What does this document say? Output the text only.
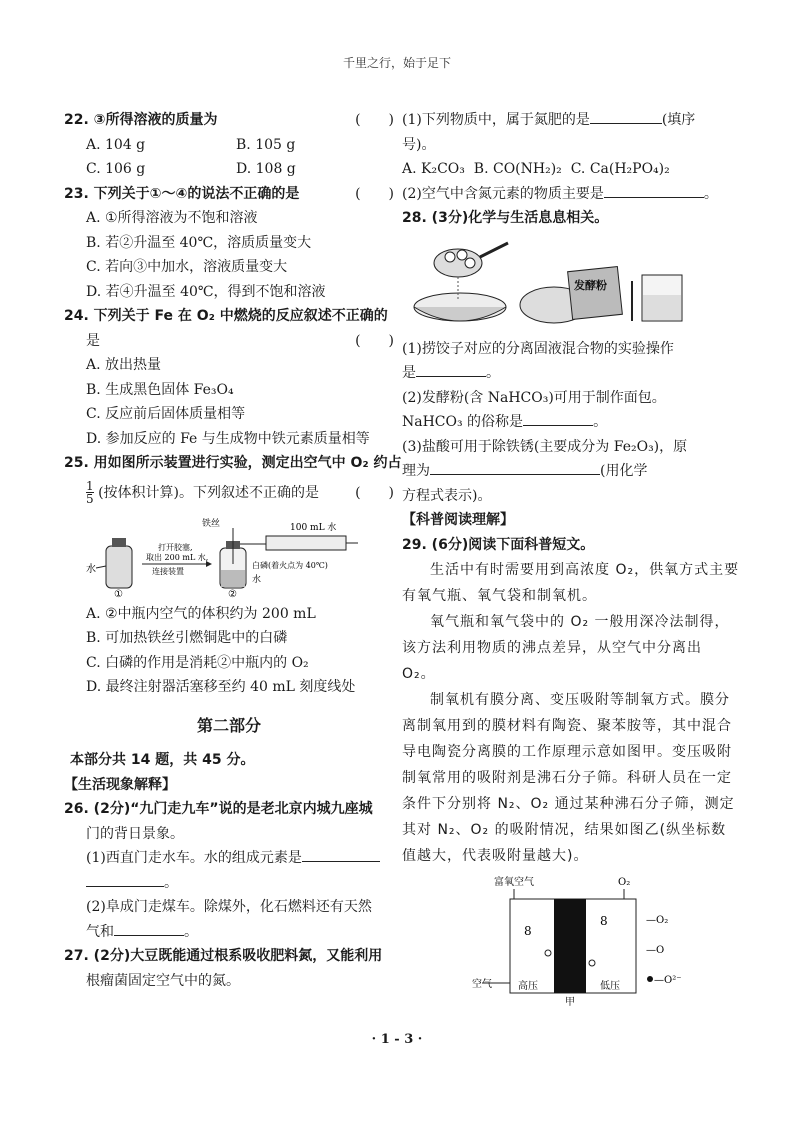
千里之行，始于足下
22. ③所得溶液的质量为	(　　)
A. 104 g	B. 105 g
C. 106 g	D. 108 g
23. 下列关于①～④的说法不正确的是	(　　)
A. ①所得溶液为不饱和溶液
B. 若②升温至 40℃，溶质质量变大
C. 若向③中加水，溶液质量变大
D. 若④升温至 40℃，得到不饱和溶液
24. 下列关于 Fe 在 O₂ 中燃烧的反应叙述不正确的
是	(　　)
A. 放出热量
B. 生成黑色固体 Fe₃O₄
C. 反应前后固体质量相等
D. 参加反应的 Fe 与生成物中铁元素质量相等
25. 用如图所示装置进行实验，测定出空气中 O₂ 约占
$\frac{1}{5}$ (按体积计算)。下列叙述不正确的是	(　　)
水
①
打开胶塞,
取出 200 mL 水,
连接装置
铁丝	100 mL 水
白磷(着火点为 40℃)
水
②
A. ②中瓶内空气的体积约为 200 mL
B. 可加热铁丝引燃铜匙中的白磷
C. 白磷的作用是消耗②中瓶内的 O₂
D. 最终注射器活塞移至约 40 mL 刻度线处
第二部分
本部分共 14 题，共 45 分。
【生活现象解释】
26. (2分)“九门走九车”说的是老北京内城九座城
门的背日景象。
(1)西直门走水车。水的组成元素是
。
(2)阜成门走煤车。除煤外，化石燃料还有天然
气和	。
27. (2分)大豆既能通过根系吸收肥料氮，又能利用
根瘤菌固定空气中的氮。
(1)下列物质中，属于氮肥的是	(填序
号)。
A. K₂CO₃ B. CO(NH₂)₂ C. Ca(H₂PO₄)₂
(2)空气中含氮元素的物质主要是	。
28. (3分)化学与生活息息相关。
发酵粉
(1)捞饺子对应的分离固液混合物的实验操作
是	。
(2)发酵粉(含 NaHCO₃)可用于制作面包。
NaHCO₃ 的俗称是	。
(3)盐酸可用于除铁锈(主要成分为 Fe₂O₃)，原
理为	(用化学
方程式表示)。
【科普阅读理解】
29. (6分)阅读下面科普短文。
生活中有时需要用到高浓度 O₂，供氧方式主要有氧气瓶、氧气袋和制氧机。
氧气瓶和氧气袋中的 O₂ 一般用深冷法制得，该方法利用物质的沸点差异，从空气中分离出 O₂。
制氧机有膜分离、变压吸附等制氧方式。膜分离制氧用到的膜材料有陶瓷、聚苯胺等，其中混合导电陶瓷分离膜的工作原理示意如图甲。变压吸附制氧常用的吸附剂是沸石分子筛。科研人员在一定条件下分别将 N₂、O₂ 通过某种沸石分子筛，测定其对 N₂、O₂ 的吸附情况，结果如图乙(纵坐标数值越大，代表吸附量越大)。
富氧空气	O₂
8
8
空气	高压	低压
甲
—O₂
—O
—O²⁻
· 1 - 3 ·
